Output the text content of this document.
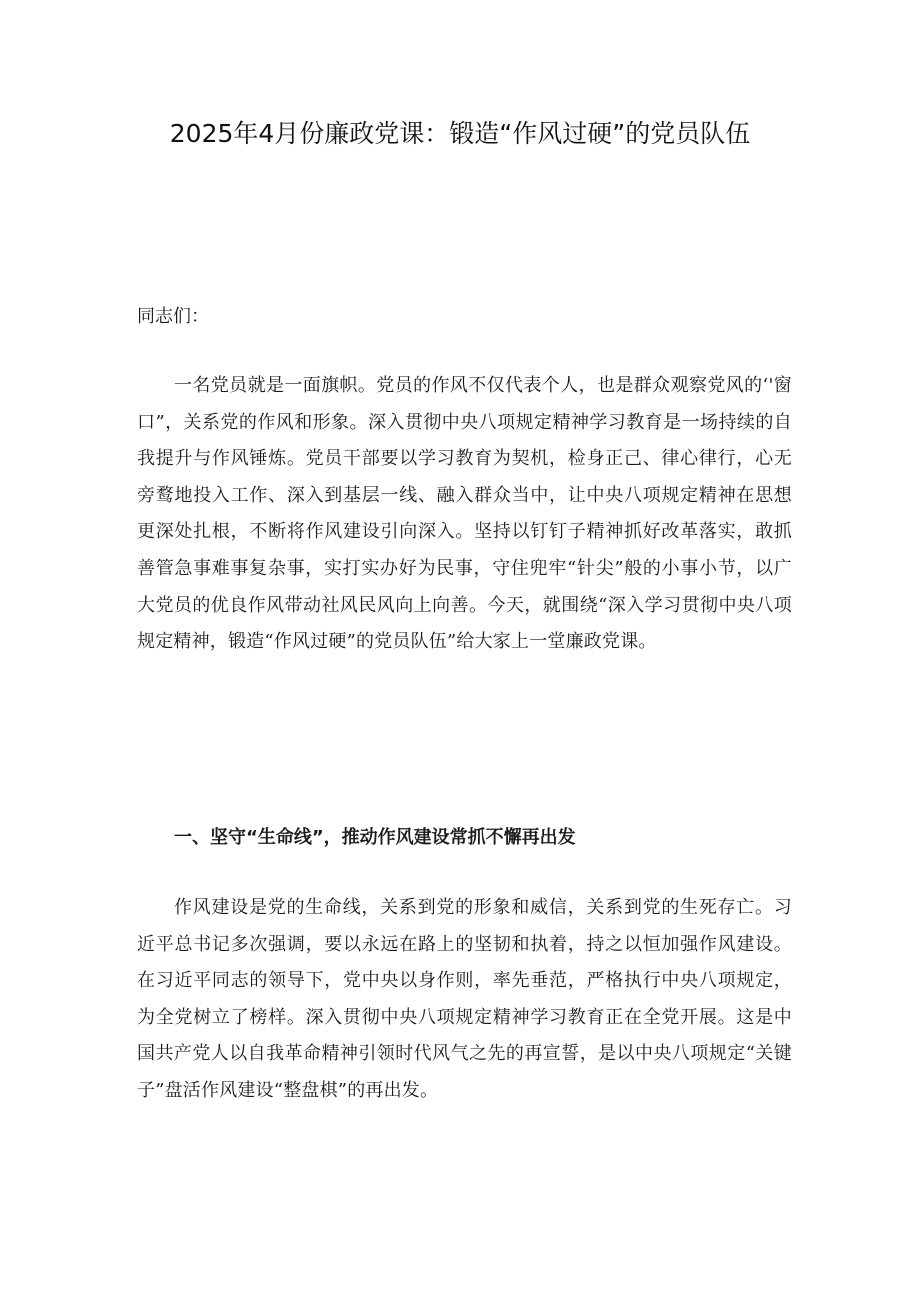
2025年4月份廉政党课：锻造“作风过硬”的党员队伍

同志们：

一名党员就是一面旗帜。党员的作风不仅代表个人，也是群众观察党风的‘'窗口”，关系党的作风和形象。深入贯彻中央八项规定精神学习教育是一场持续的自我提升与作风锤炼。党员干部要以学习教育为契机，检身正己、律心律行，心无旁鹜地投入工作、深入到基层一线、融入群众当中，让中央八项规定精神在思想更深处扎根，不断将作风建设引向深入。坚持以钉钉子精神抓好改革落实，敢抓善管急事难事复杂事，实打实办好为民事，守住兜牢“针尖”般的小事小节，以广大党员的优良作风带动社风民风向上向善。今天，就围绕“深入学习贯彻中央八项规定精神，锻造“作风过硬”的党员队伍”给大家上一堂廉政党课。

一、坚守“生命线”，推动作风建设常抓不懈再出发

作风建设是党的生命线，关系到党的形象和威信，关系到党的生死存亡。习近平总书记多次强调，要以永远在路上的坚韧和执着，持之以恒加强作风建设。在习近平同志的领导下，党中央以身作则，率先垂范，严格执行中央八项规定，为全党树立了榜样。深入贯彻中央八项规定精神学习教育正在全党开展。这是中国共产党人以自我革命精神引领时代风气之先的再宣誓，是以中央八项规定“关键子”盘活作风建设“整盘棋”的再出发。
